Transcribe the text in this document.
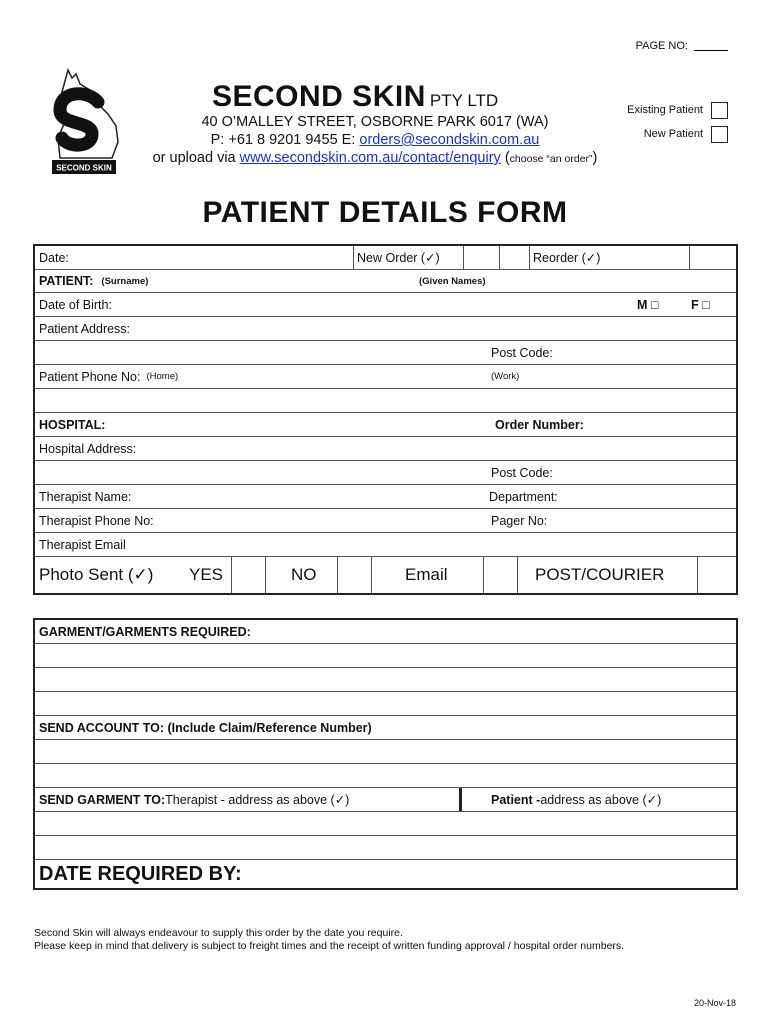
PAGE NO:
SECOND SKIN
SECOND SKIN PTY LTD
40 O’MALLEY STREET, OSBORNE PARK 6017 (WA)
P: +61 8 9201 9455 E: orders@secondskin.com.au
or upload via www.secondskin.com.au/contact/enquiry (choose “an order”)
Existing Patient
New Patient
PATIENT DETAILS FORM
Date:	New Order (✓)	Reorder (✓)
PATIENT: (Surname)	(Given Names)
Date of Birth:	M □	F □
Patient Address:
Post Code:
Patient Phone No: (Home)	(Work)
HOSPITAL:	Order Number:
Hospital Address:
Post Code:
Therapist Name:	Department:
Therapist Phone No:	Pager No:
Therapist Email
Photo Sent (✓) YES	NO	Email	POST/COURIER
GARMENT/GARMENTS REQUIRED:
SEND ACCOUNT TO: (Include Claim/Reference Number)
SEND GARMENT TO: Therapist - address as above (✓)	Patient - address as above (✓)
DATE REQUIRED BY:
Second Skin will always endeavour to supply this order by the date you require.
Please keep in mind that delivery is subject to freight times and the receipt of written funding approval / hospital order numbers.
20-Nov-18
